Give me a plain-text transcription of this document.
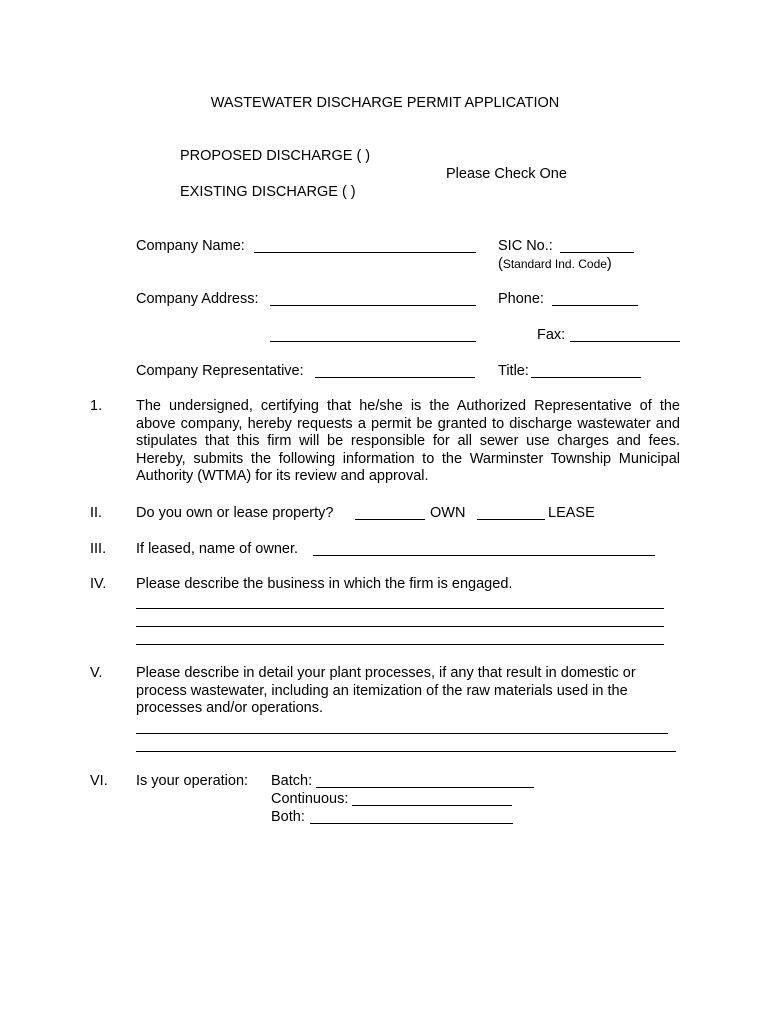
WASTEWATER DISCHARGE PERMIT APPLICATION
PROPOSED DISCHARGE ( )
EXISTING DISCHARGE ( )
Please Check One
Company Name:	SIC No.:
(Standard Ind. Code)
Company Address:	Phone:
Fax:
Company Representative:	Title:
1. The undersigned, certifying that he/she is the Authorized Representative of the above company, hereby requests a permit be granted to discharge wastewater and stipulates that this firm will be responsible for all sewer use charges and fees. Hereby, submits the following information to the Warminster Township Municipal Authority (WTMA) for its review and approval.
II. Do you own or lease property?	OWN	LEASE
III. If leased, name of owner.
IV. Please describe the business in which the firm is engaged.
V. Please describe in detail your plant processes, if any that result in domestic or process wastewater, including an itemization of the raw materials used in the processes and/or operations.
VI. Is your operation: Batch:
Continuous:
Both:
